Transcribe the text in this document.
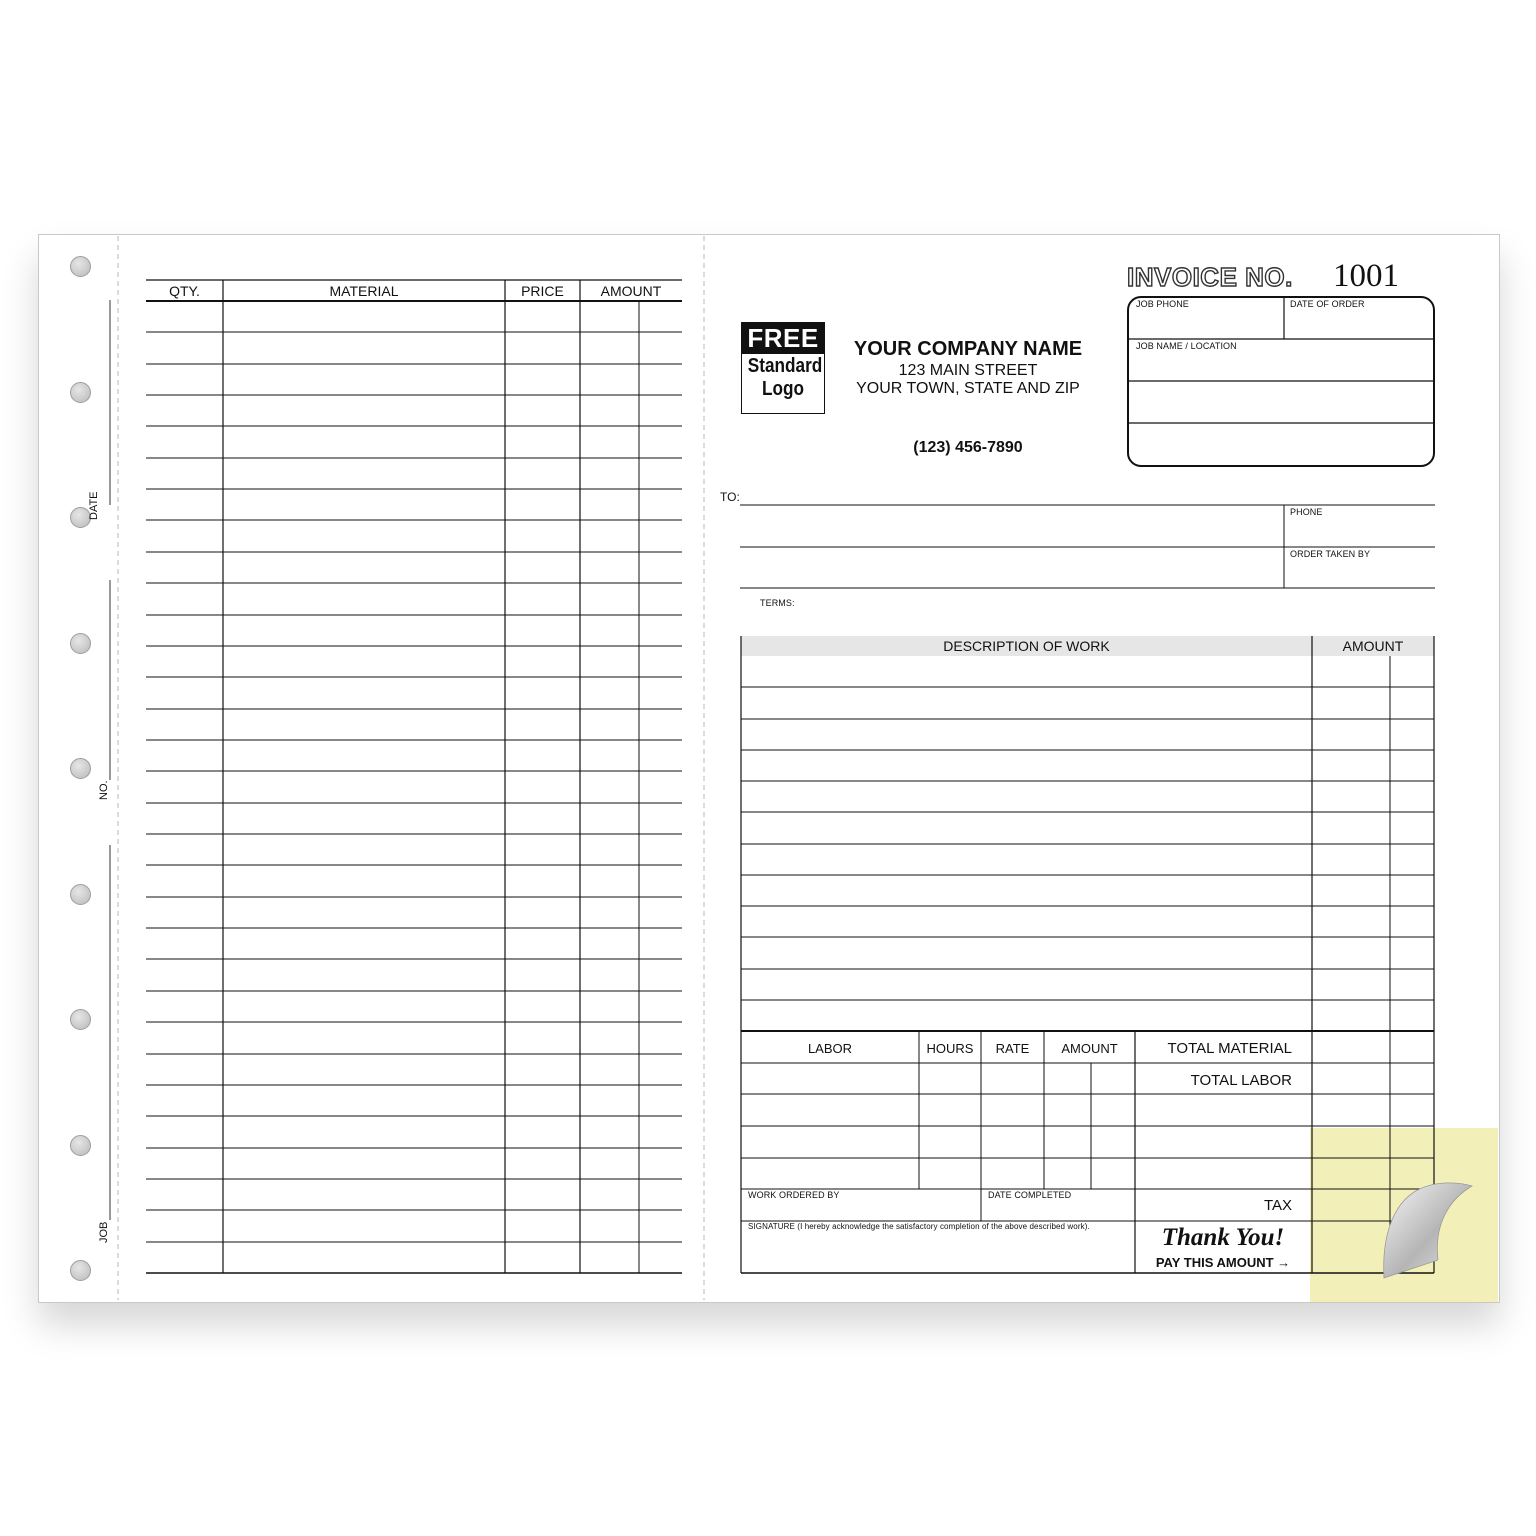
DATE
NO.
JOB
QTY.	MATERIAL	PRICE	AMOUNT	INVOICE NO. 1001
FREE
Standard
Logo
YOUR COMPANY NAME
123 MAIN STREET
YOUR TOWN, STATE AND ZIP
(123) 456-7890
JOB PHONE	DATE OF ORDER
JOB NAME / LOCATION
TO:
PHONE
ORDER TAKEN BY
TERMS:
DESCRIPTION OF WORK	AMOUNT
LABOR	HOURS	RATE	AMOUNT	TOTAL MATERIAL
TOTAL LABOR
TAX
WORK ORDERED BY	DATE COMPLETED
SIGNATURE (I hereby acknowledge the satisfactory completion of the above described work).	Thank You!
PAY THIS AMOUNT →
